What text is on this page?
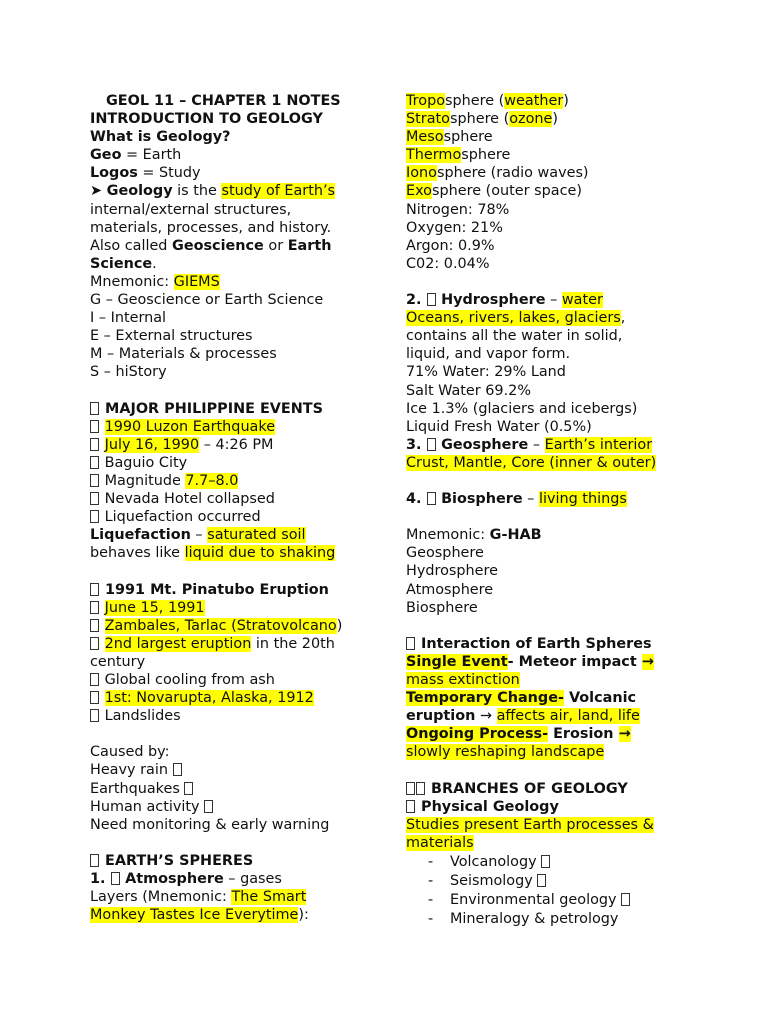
GEOL 11 – CHAPTER 1 NOTES
INTRODUCTION TO GEOLOGY
What is Geology?
Geo = Earth
Logos = Study
➤ Geology is the study of Earth’s
internal/external structures,
materials, processes, and history.
Also called Geoscience or Earth
Science.
Mnemonic: GIEMS
G – Geoscience or Earth Science
I – Internal
E – External structures
M – Materials & processes
S – hiStory
MAJOR PHILIPPINE EVENTS
1990 Luzon Earthquake
July 16, 1990 – 4:26 PM
Baguio City
Magnitude 7.7–8.0
Nevada Hotel collapsed
Liquefaction occurred
Liquefaction – saturated soil
behaves like liquid due to shaking
1991 Mt. Pinatubo Eruption
June 15, 1991
Zambales, Tarlac (Stratovolcano)
2nd largest eruption in the 20th
century
Global cooling from ash
1st: Novarupta, Alaska, 1912
Landslides
Caused by:
Heavy rain
Earthquakes
Human activity
Need monitoring & early warning
EARTH’S SPHERES
1.  Atmosphere – gases
Layers (Mnemonic: The Smart
Monkey Tastes Ice Everytime):
Troposphere (weather)
Stratosphere (ozone)
Mesosphere
Thermosphere
Ionosphere (radio waves)
Exosphere (outer space)
Nitrogen: 78%
Oxygen: 21%
Argon: 0.9%
C02: 0.04%
2.  Hydrosphere – water
Oceans, rivers, lakes, glaciers,
contains all the water in solid,
liquid, and vapor form.
71% Water: 29% Land
Salt Water 69.2%
Ice 1.3% (glaciers and icebergs)
Liquid Fresh Water (0.5%)
3.  Geosphere – Earth’s interior
Crust, Mantle, Core (inner & outer)
4.  Biosphere – living things
Mnemonic: G-HAB
Geosphere
Hydrosphere
Atmosphere
Biosphere
Interaction of Earth Spheres
Single Event- Meteor impact →
mass extinction
Temporary Change- Volcanic
eruption → affects air, land, life
Ongoing Process- Erosion →
slowly reshaping landscape
BRANCHES OF GEOLOGY
Physical Geology
Studies present Earth processes &
materials
- Volcanology
- Seismology
- Environmental geology
- Mineralogy & petrology
